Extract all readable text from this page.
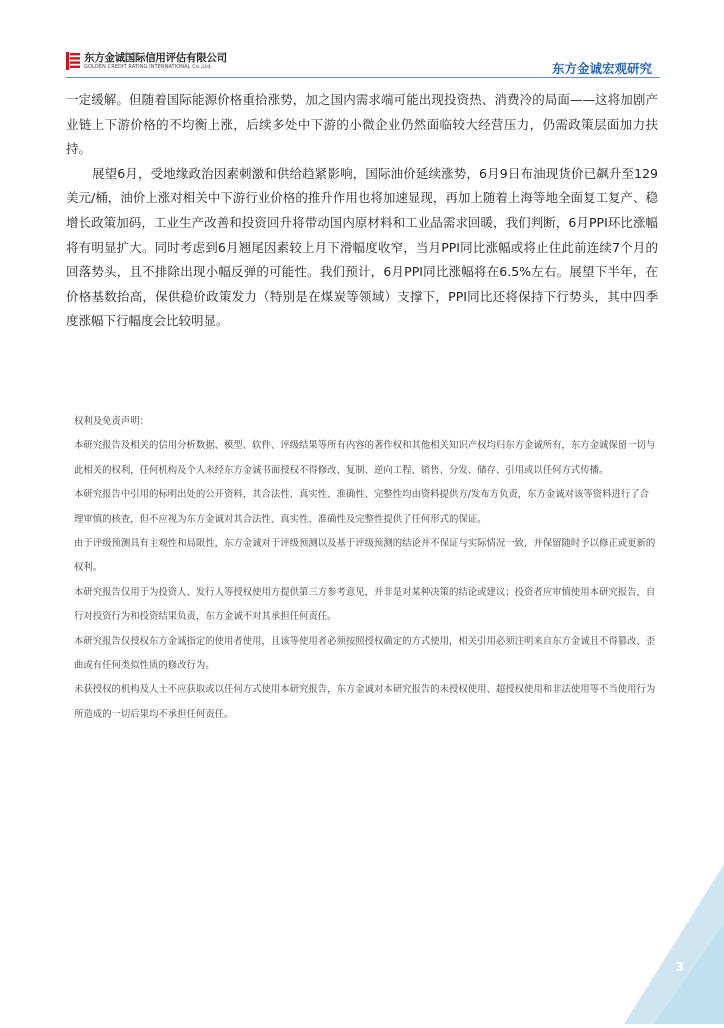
东方金诚国际信用评估有限公司
GOLDEN CREDIT RATING INTERNATIONAL Co.,Ltd.	东方金诚宏观研究

一定缓解。但随着国际能源价格重拾涨势，加之国内需求端可能出现投资热、消费冷的局面——这将加剧产业链上下游价格的不均衡上涨，后续多处中下游的小微企业仍然面临较大经营压力，仍需政策层面加力扶持。

展望6月，受地缘政治因素刺激和供给趋紧影响，国际油价延续涨势，6月9日布油现货价已飙升至129美元/桶，油价上涨对相关中下游行业价格的推升作用也将加速显现，再加上随着上海等地全面复工复产、稳增长政策加码，工业生产改善和投资回升将带动国内原材料和工业品需求回暖，我们判断，6月PPI环比涨幅将有明显扩大。同时考虑到6月翘尾因素较上月下滑幅度收窄，当月PPI同比涨幅或将止住此前连续7个月的回落势头，且不排除出现小幅反弹的可能性。我们预计，6月PPI同比涨幅将在6.5%左右。展望下半年，在价格基数抬高，保供稳价政策发力（特别是在煤炭等领域）支撑下，PPI同比还将保持下行势头，其中四季度涨幅下行幅度会比较明显。

权利及免责声明：

本研究报告及相关的信用分析数据、模型、软件、评级结果等所有内容的著作权和其他相关知识产权均归东方金诚所有，东方金诚保留一切与此相关的权利，任何机构及个人未经东方金诚书面授权不得修改、复制、逆向工程、销售、分发、储存、引用或以任何方式传播。

本研究报告中引用的标明出处的公开资料，其合法性、真实性、准确性、完整性均由资料提供方/发布方负责，东方金诚对该等资料进行了合理审慎的核查，但不应视为东方金诚对其合法性、真实性、准确性及完整性提供了任何形式的保证。

由于评级预测具有主观性和局限性，东方金诚对于评级预测以及基于评级预测的结论并不保证与实际情况一致，并保留随时予以修正或更新的权利。

本研究报告仅用于为投资人、发行人等授权使用方提供第三方参考意见，并非是对某种决策的结论或建议；投资者应审慎使用本研究报告，自行对投资行为和投资结果负责，东方金诚不对其承担任何责任。

本研究报告仅授权东方金诚指定的使用者使用，且该等使用者必须按照授权确定的方式使用，相关引用必须注明来自东方金诚且不得篡改、歪曲或有任何类似性质的修改行为。

未获授权的机构及人士不应获取或以任何方式使用本研究报告，东方金诚对本研究报告的未授权使用、超授权使用和非法使用等不当使用行为所造成的一切后果均不承担任何责任。

3
